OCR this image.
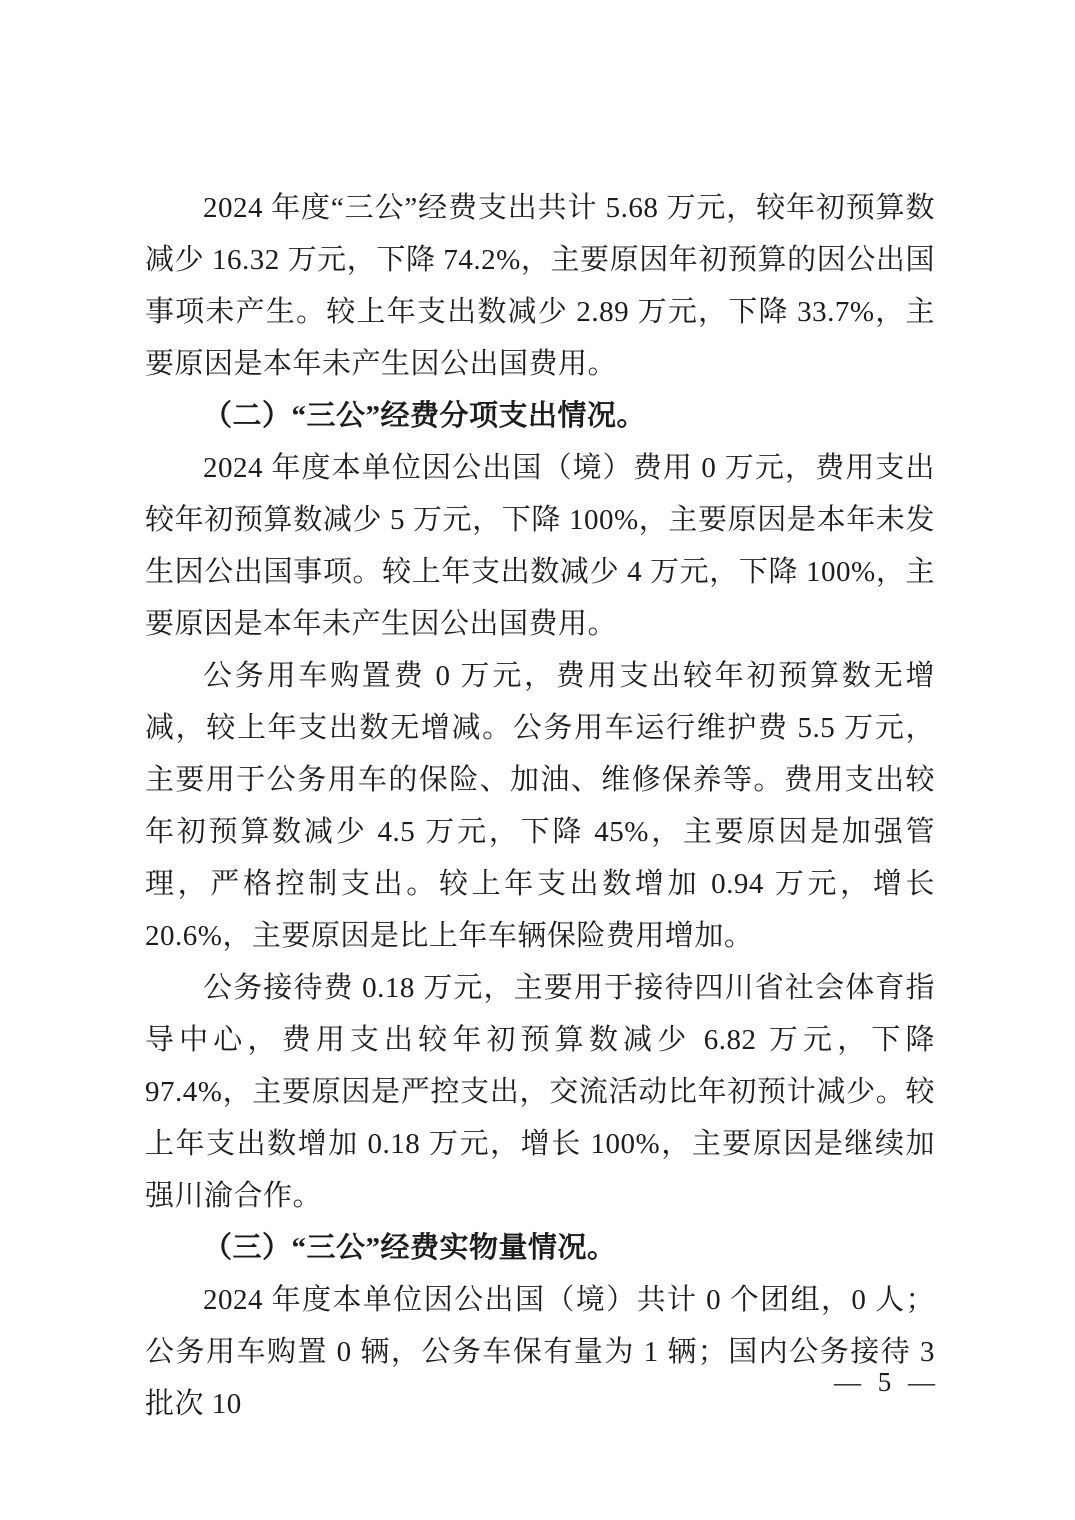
2024 年度“三公”经费支出共计 5.68 万元，较年初预算数减少 16.32 万元，下降 74.2%，主要原因年初预算的因公出国事项未产生。较上年支出数减少 2.89 万元，下降 33.7%，主要原因是本年未产生因公出国费用。

（二）“三公”经费分项支出情况。

2024 年度本单位因公出国（境）费用 0 万元，费用支出较年初预算数减少 5 万元，下降 100%，主要原因是本年未发生因公出国事项。较上年支出数减少 4 万元，下降 100%，主要原因是本年未产生因公出国费用。

公务用车购置费 0 万元，费用支出较年初预算数无增减，较上年支出数无增减。公务用车运行维护费 5.5 万元，主要用于公务用车的保险、加油、维修保养等。费用支出较年初预算数减少 4.5 万元，下降 45%，主要原因是加强管理，严格控制支出。较上年支出数增加 0.94 万元，增长 20.6%，主要原因是比上年车辆保险费用增加。

公务接待费 0.18 万元，主要用于接待四川省社会体育指导中心，费用支出较年初预算数减少 6.82 万元，下降 97.4%，主要原因是严控支出，交流活动比年初预计减少。较上年支出数增加 0.18 万元，增长 100%，主要原因是继续加强川渝合作。

（三）“三公”经费实物量情况。

2024 年度本单位因公出国（境）共计 0 个团组，0 人；公务用车购置 0 辆，公务车保有量为 1 辆；国内公务接待 3 批次 10

— 5 —
